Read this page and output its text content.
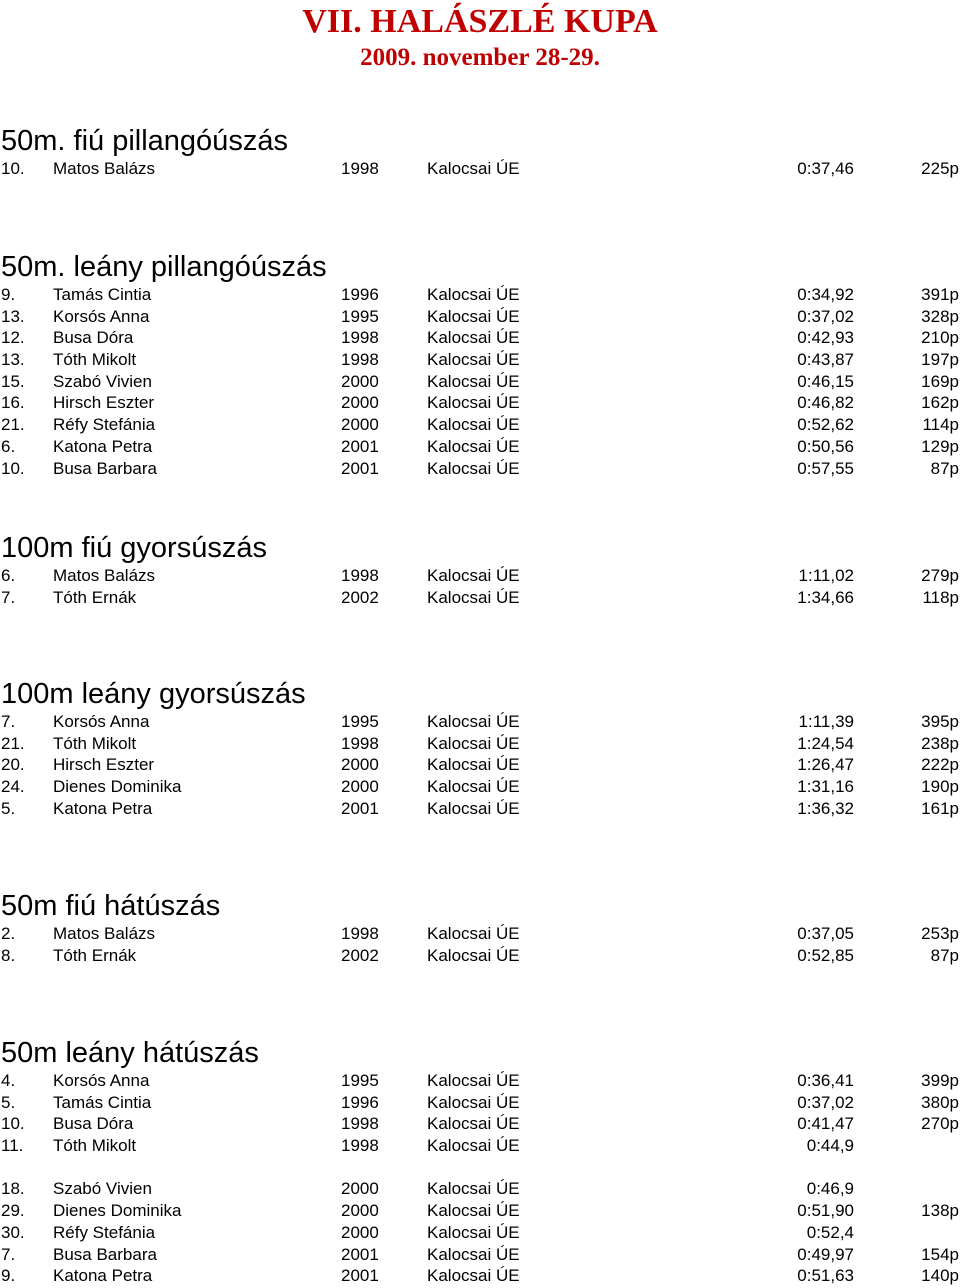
VII. HALÁSZLÉ KUPA
2009. november 28-29.
50m. fiú pillangóúszás
10. Matos Balázs	1998	Kalocsai ÚE	0:37,46	225p
50m. leány pillangóúszás
9. Tamás Cintia	1996	Kalocsai ÚE	0:34,92	391p
13. Korsós Anna	1995	Kalocsai ÚE	0:37,02	328p
12. Busa Dóra	1998	Kalocsai ÚE	0:42,93	210p
13. Tóth Mikolt	1998	Kalocsai ÚE	0:43,87	197p
15. Szabó Vivien	2000	Kalocsai ÚE	0:46,15	169p
16. Hirsch Eszter	2000	Kalocsai ÚE	0:46,82	162p
21. Réfy Stefánia	2000	Kalocsai ÚE	0:52,62	114p
6. Katona Petra	2001	Kalocsai ÚE	0:50,56	129p
10. Busa Barbara	2001	Kalocsai ÚE	0:57,55	87p
100m fiú gyorsúszás
6. Matos Balázs	1998	Kalocsai ÚE	1:11,02	279p
7. Tóth Ernák	2002	Kalocsai ÚE	1:34,66	118p
100m leány gyorsúszás
7. Korsós Anna	1995	Kalocsai ÚE	1:11,39	395p
21. Tóth Mikolt	1998	Kalocsai ÚE	1:24,54	238p
20. Hirsch Eszter	2000	Kalocsai ÚE	1:26,47	222p
24. Dienes Dominika	2000	Kalocsai ÚE	1:31,16	190p
5. Katona Petra	2001	Kalocsai ÚE	1:36,32	161p
50m fiú hátúszás
2. Matos Balázs	1998	Kalocsai ÚE	0:37,05	253p
8. Tóth Ernák	2002	Kalocsai ÚE	0:52,85	87p
50m leány hátúszás
4. Korsós Anna	1995	Kalocsai ÚE	0:36,41	399p
5. Tamás Cintia	1996	Kalocsai ÚE	0:37,02	380p
10. Busa Dóra	1998	Kalocsai ÚE	0:41,47	270p
11. Tóth Mikolt	1998	Kalocsai ÚE	0:44,9
18. Szabó Vivien	2000	Kalocsai ÚE	0:46,9
29. Dienes Dominika	2000	Kalocsai ÚE	0:51,90	138p
30. Réfy Stefánia	2000	Kalocsai ÚE	0:52,4
7. Busa Barbara	2001	Kalocsai ÚE	0:49,97	154p
9. Katona Petra	2001	Kalocsai ÚE	0:51,63	140p
